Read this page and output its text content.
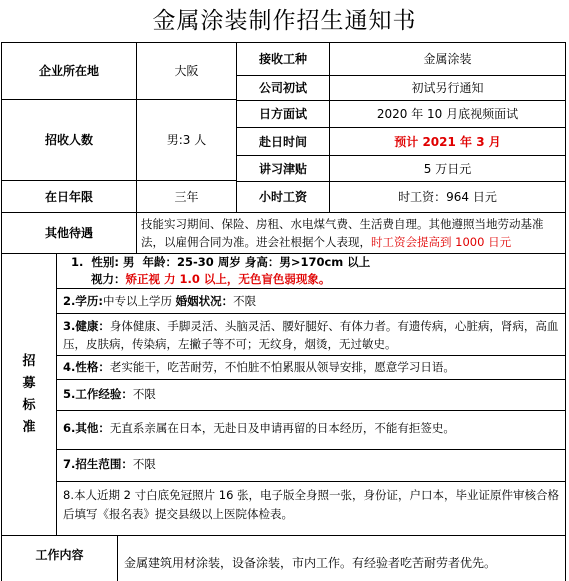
金属涂装制作招生通知书
企业所在地	大阪
接收工种	金属涂装
公司初试	初试另行通知
招收人数	男:3 人
日方面试	2020 年 10 月底视频面试
赴日时间	预计 2021 年 3 月
讲习津贴	5 万日元
在日年限	三年	小时工资	时工资：964 日元
其他待遇
技能实习期间、保险、房租、水电煤气费、生活费自理。其他遵照当地劳动基准法，以雇佣合同为准。进会社根据个人表现，时工资会提高到 1000 日元
招
募
标
准
1. 性别: 男 年龄：25-30 周岁 身高：男>170cm 以上
视力：矫正视 力 1.0 以上，无色盲色弱现象。
2.学历:中专以上学历 婚姻状况：不限
3.健康：身体健康、手脚灵活、头脑灵活、腰好腿好、有体力者。有遗传病，心脏病，肾病，高血压，皮肤病，传染病，左撇子等不可；无纹身，烟烫，无过敏史。
4.性格：老实能干，吃苦耐劳，不怕脏不怕累服从领导安排，愿意学习日语。
5.工作经验：不限
6.其他：无直系亲属在日本，无赴日及申请再留的日本经历，不能有拒签史。
7.招生范围：不限
8.本人近期 2 寸白底免冠照片 16 张，电子版全身照一张，身份证，户口本，毕业证原件审核合格后填写《报名表》提交县级以上医院体检表。
工作内容
金属建筑用材涂装，设备涂装，市内工作。有经验者吃苦耐劳者优先。
